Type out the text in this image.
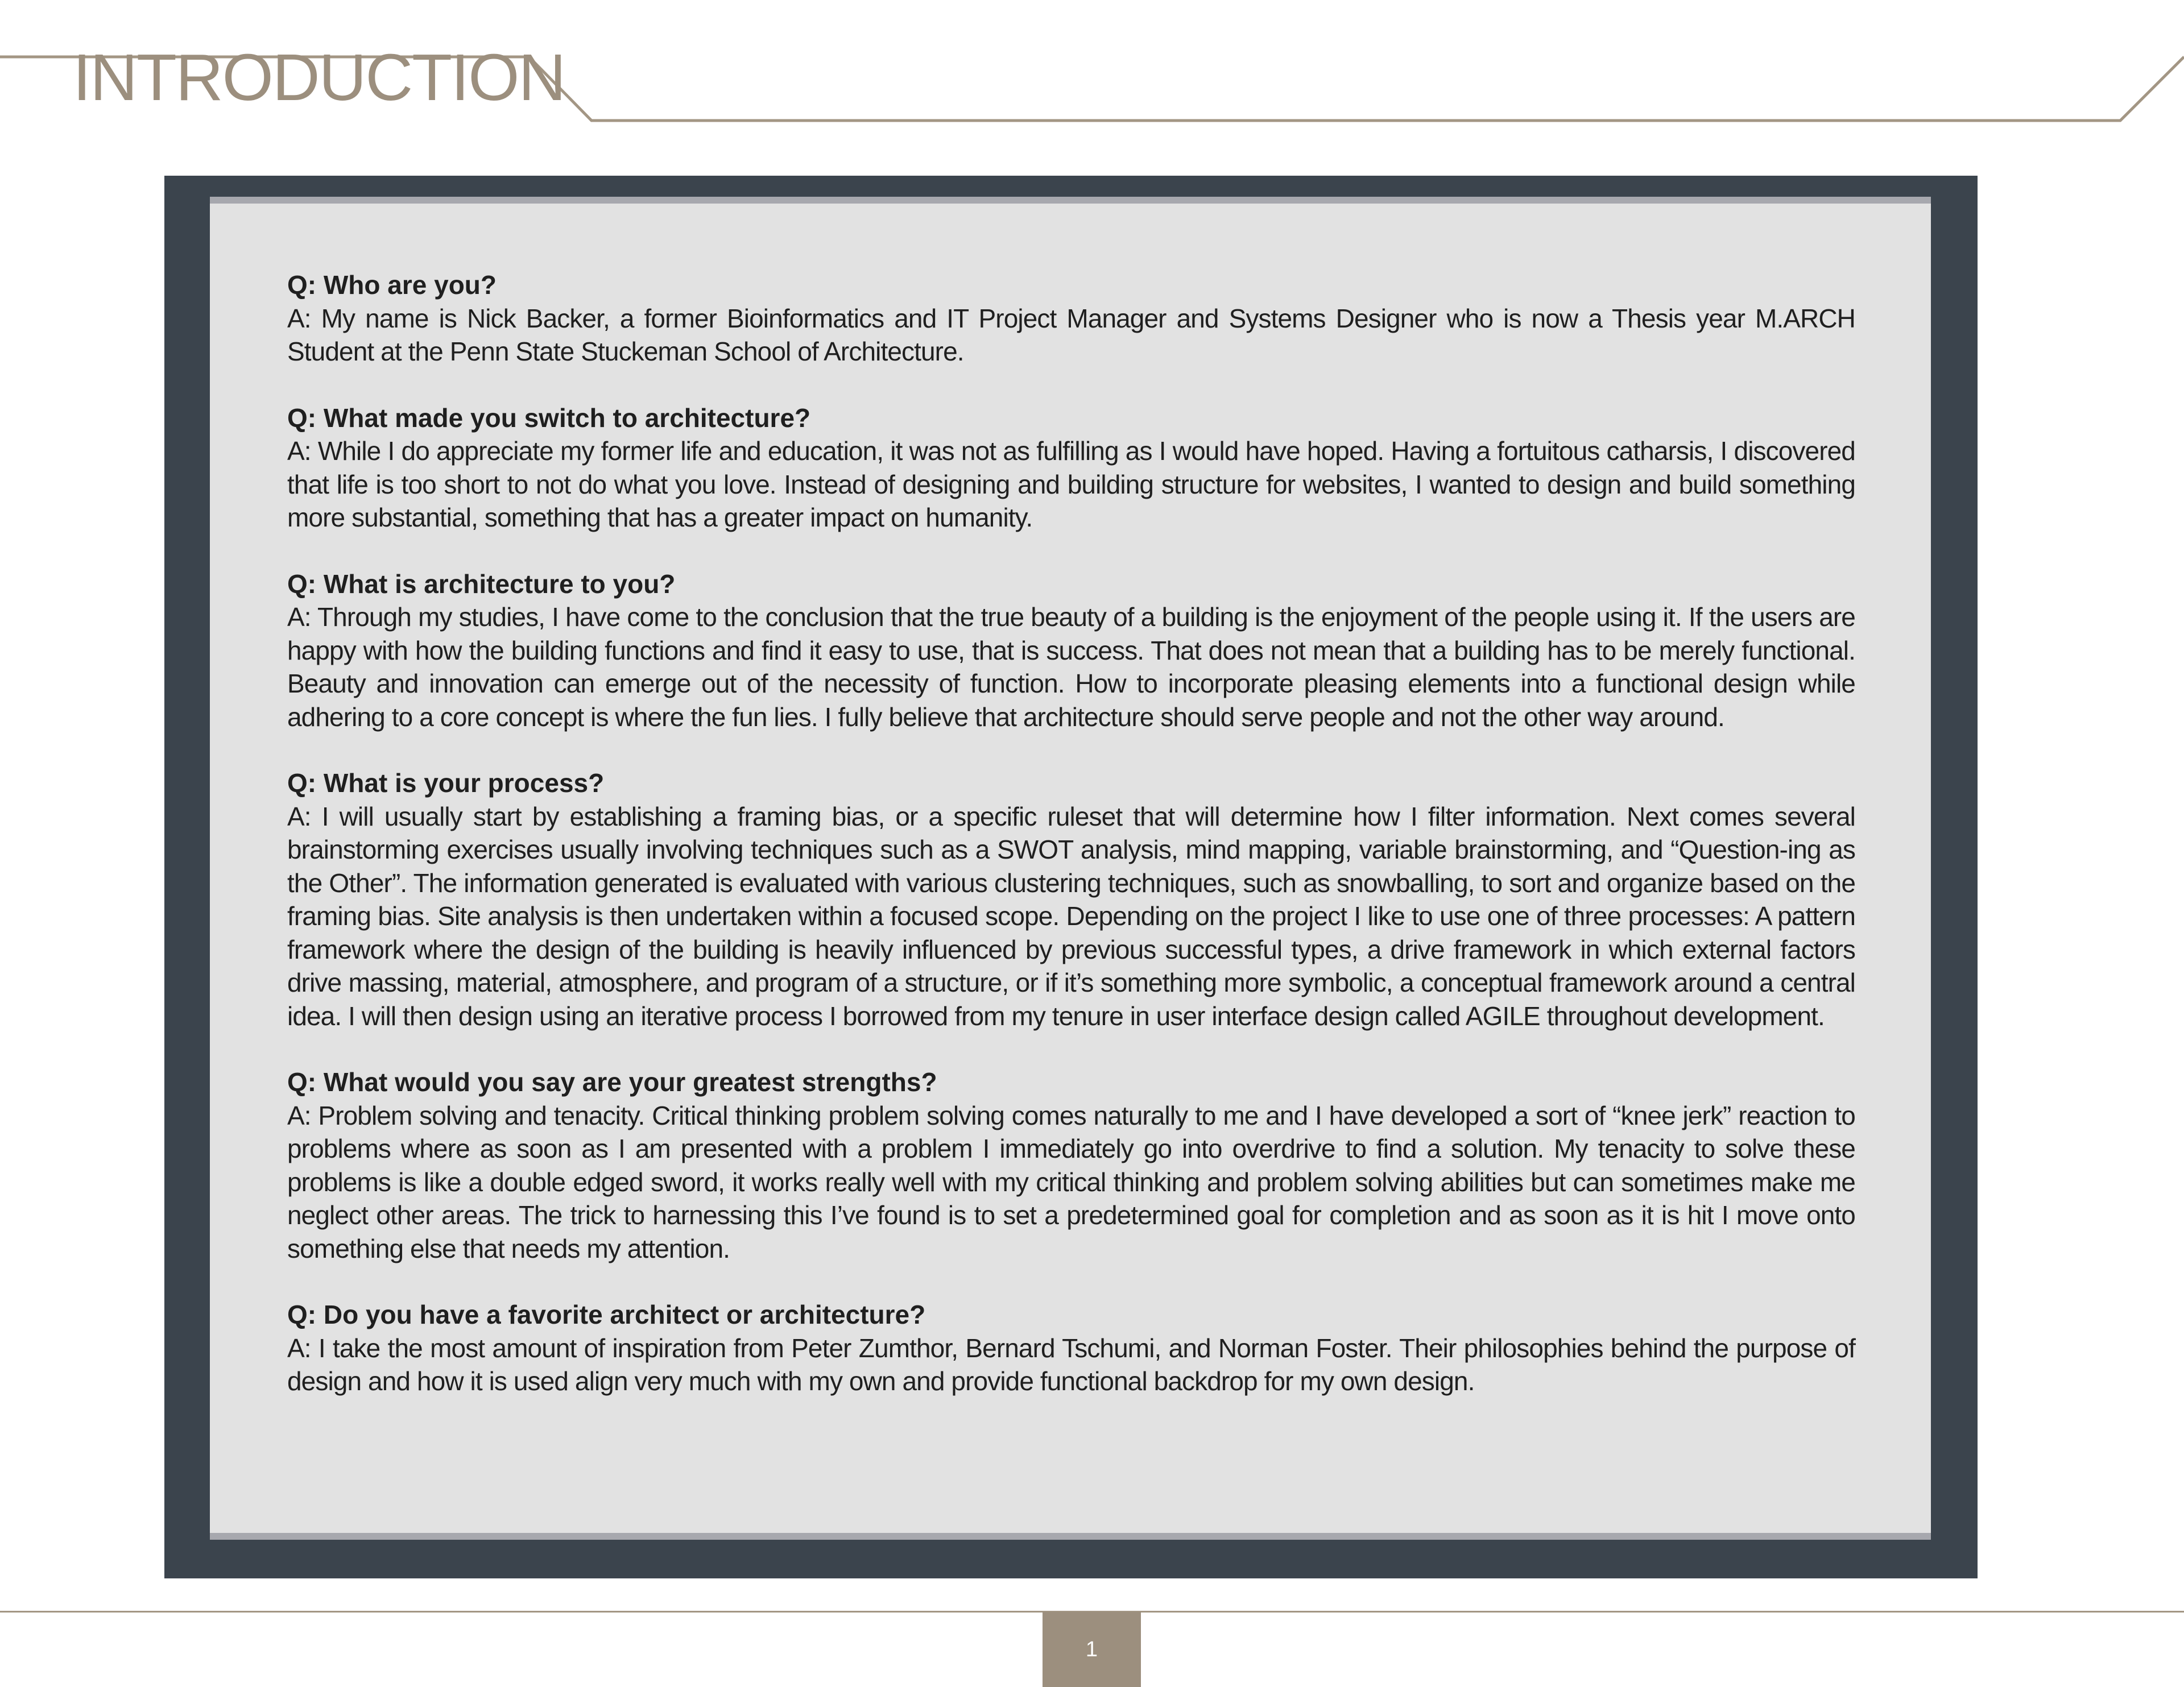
INTRODUCTION

Q: Who are you?

A: My name is Nick Backer, a former Bioinformatics and IT Project Manager and Systems Designer who is now a Thesis year M.ARCH Student at the Penn State Stuckeman School of Architecture.

Q: What made you switch to architecture?

A: While I do appreciate my former life and education, it was not as fulfilling as I would have hoped. Having a fortuitous catharsis, I discovered that life is too short to not do what you love. Instead of designing and building structure for websites, I wanted to design and build something more substantial, something that has a greater impact on humanity.

Q: What is architecture to you?

A: Through my studies, I have come to the conclusion that the true beauty of a building is the enjoyment of the people using it. If the users are happy with how the building functions and find it easy to use, that is success. That does not mean that a building has to be merely functional. Beauty and innovation can emerge out of the necessity of function. How to incorporate pleasing elements into a functional design while adhering to a core concept is where the fun lies. I fully believe that architecture should serve people and not the other way around.

Q: What is your process?

A: I will usually start by establishing a framing bias, or a specific ruleset that will determine how I filter information. Next comes several brainstorming exercises usually involving techniques such as a SWOT analysis, mind mapping, variable brainstorming, and “Question-ing as the Other”. The information generated is evaluated with various clustering techniques, such as snowballing, to sort and organize based on the framing bias. Site analysis is then undertaken within a focused scope. Depending on the project I like to use one of three processes: A pattern framework where the design of the building is heavily influenced by previous successful types, a drive framework in which external factors drive massing, material, atmosphere, and program of a structure, or if it’s something more symbolic, a conceptual framework around a central idea. I will then design using an iterative process I borrowed from my tenure in user interface design called AGILE throughout development.

Q: What would you say are your greatest strengths?

A: Problem solving and tenacity. Critical thinking problem solving comes naturally to me and I have developed a sort of “knee jerk” reaction to problems where as soon as I am presented with a problem I immediately go into overdrive to find a solution. My tenacity to solve these problems is like a double edged sword, it works really well with my critical thinking and problem solving abilities but can sometimes make me neglect other areas. The trick to harnessing this I’ve found is to set a predetermined goal for completion and as soon as it is hit I move onto something else that needs my attention.

Q: Do you have a favorite architect or architecture?

A: I take the most amount of inspiration from Peter Zumthor, Bernard Tschumi, and Norman Foster. Their philosophies behind the purpose of design and how it is used align very much with my own and provide functional backdrop for my own design.

1
